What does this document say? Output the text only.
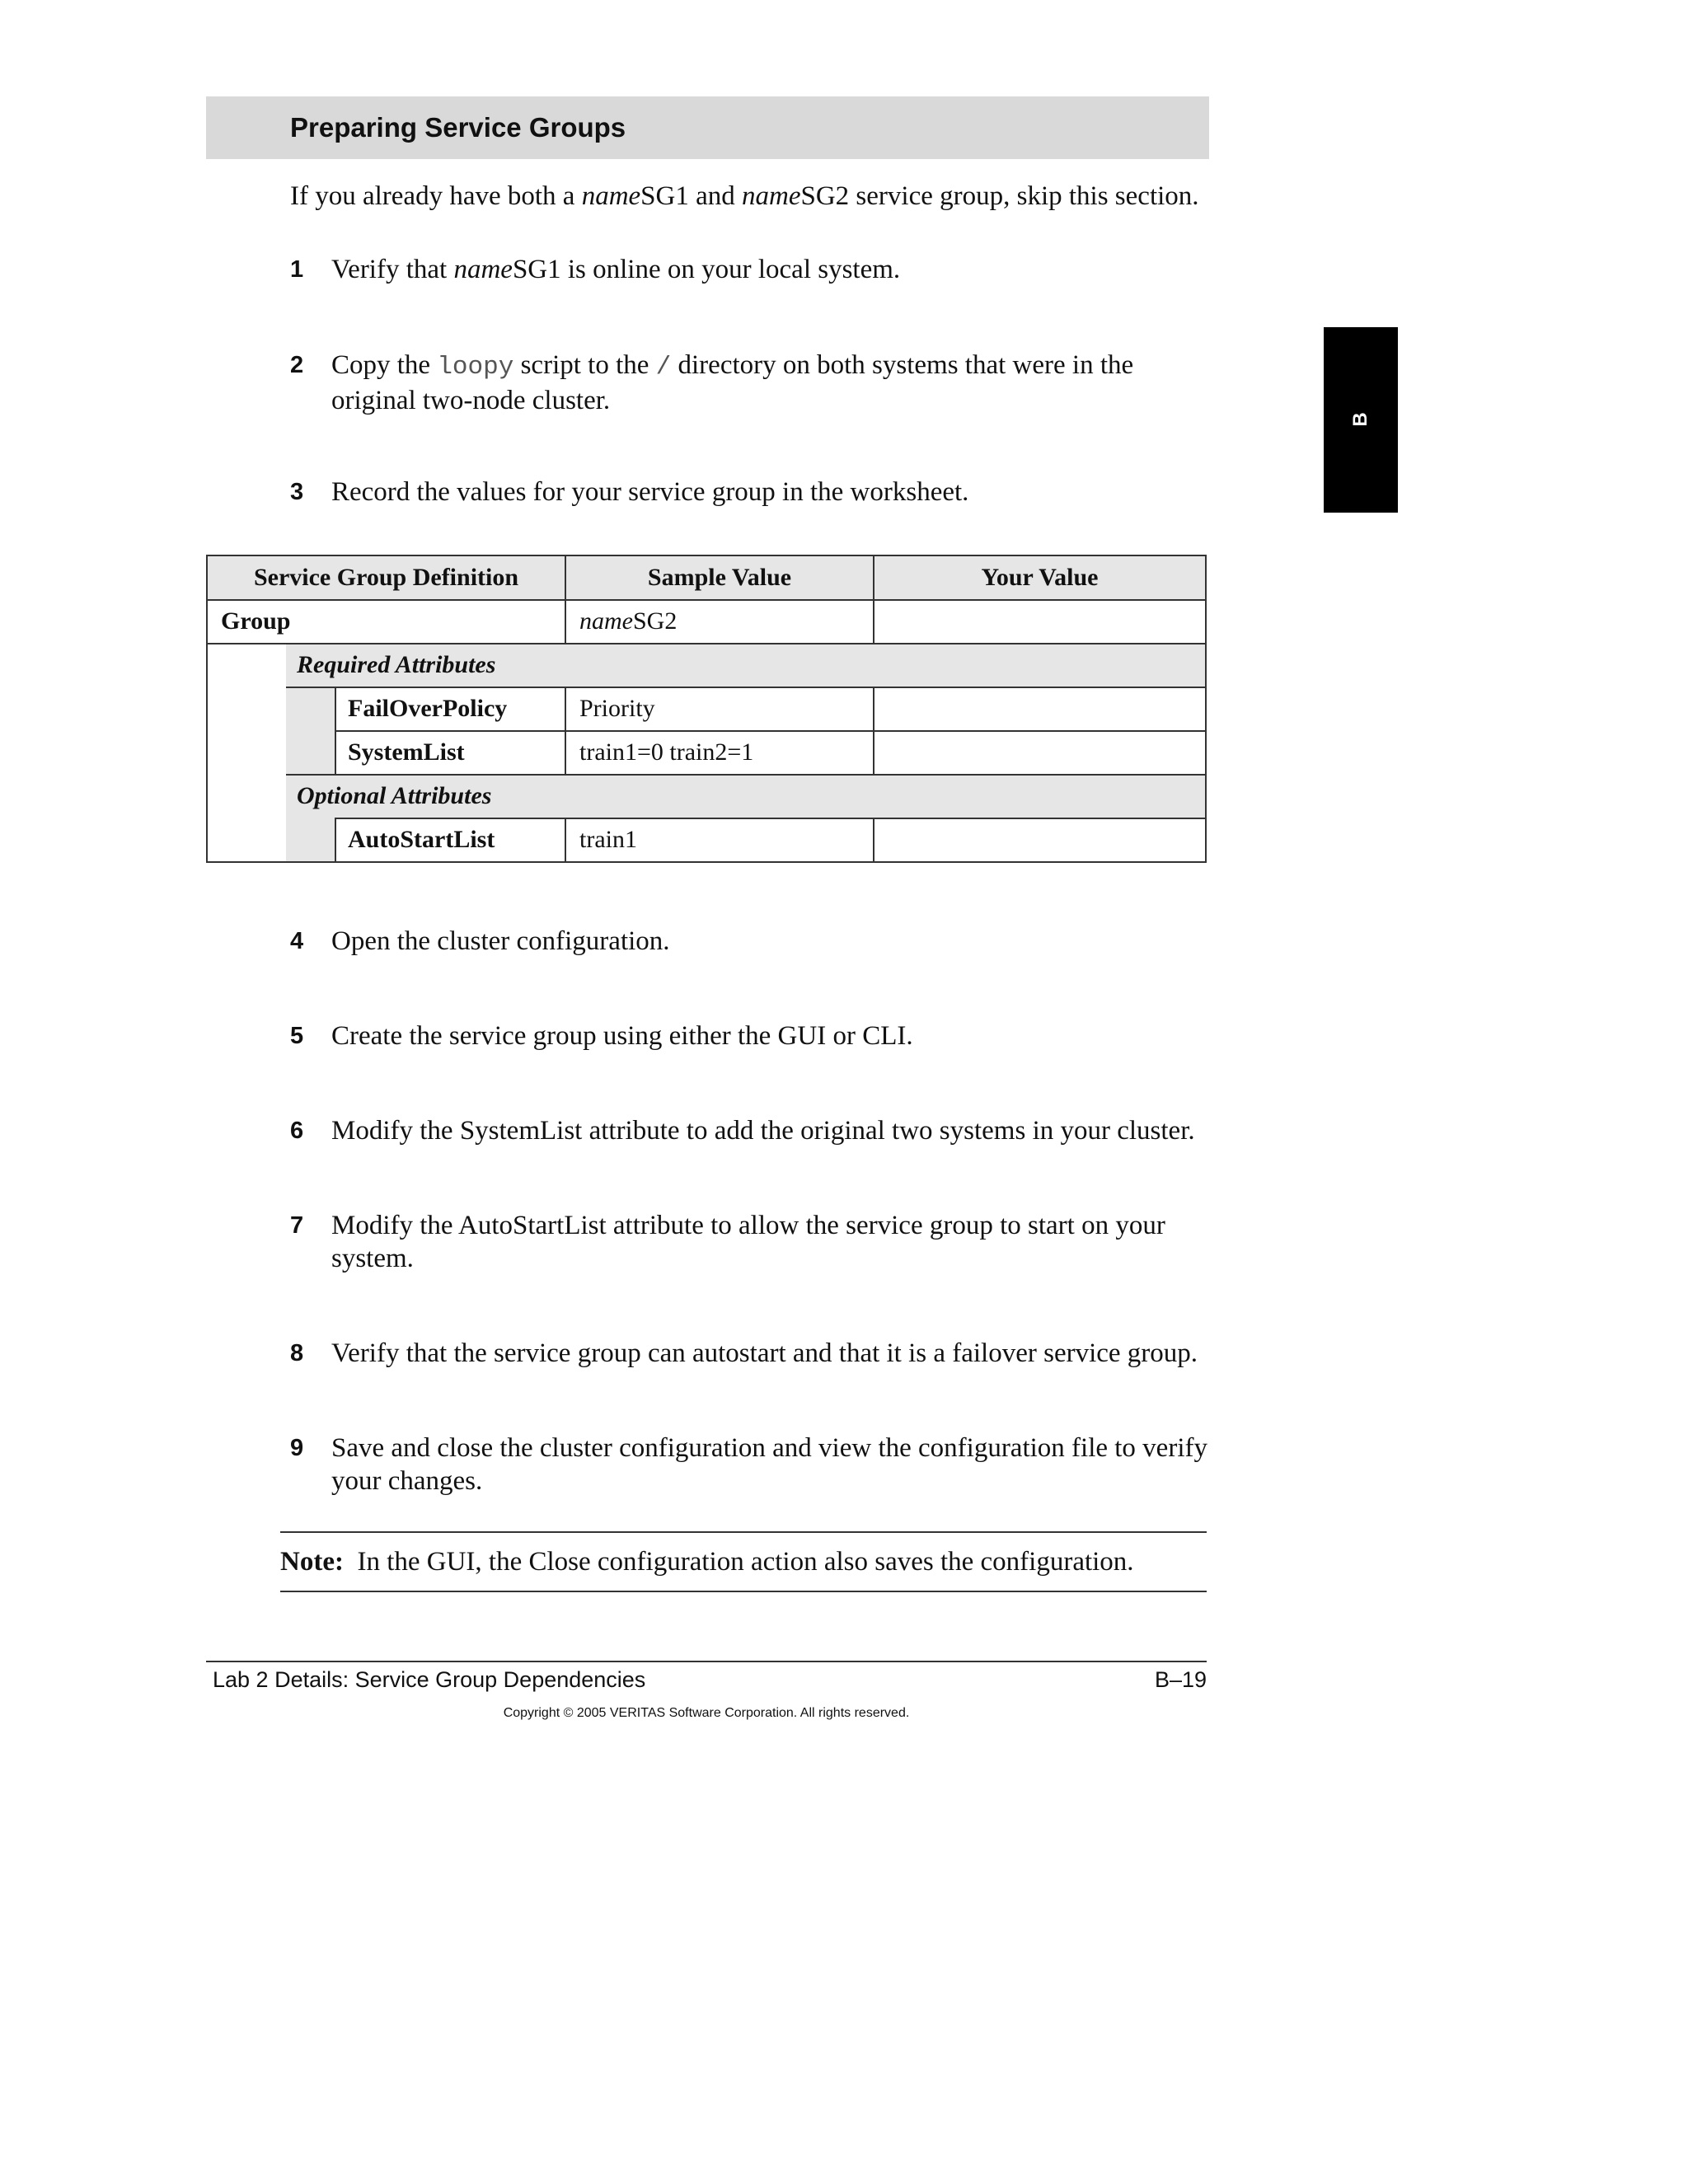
Preparing Service Groups
B
If you already have both a nameSG1 and nameSG2 service group, skip this section.
1 Verify that nameSG1 is online on your local system.
2 Copy the loopy script to the / directory on both systems that were in the original two-node cluster.
3 Record the values for your service group in the worksheet.
Service Group Definition	Sample Value	Your Value
Group	nameSG2
Required Attributes
FailOverPolicy	Priority
SystemList	train1=0 train2=1
Optional Attributes
AutoStartList	train1
4 Open the cluster configuration.
5 Create the service group using either the GUI or CLI.
6 Modify the SystemList attribute to add the original two systems in your cluster.
7 Modify the AutoStartList attribute to allow the service group to start on your system.
8 Verify that the service group can autostart and that it is a failover service group.
9 Save and close the cluster configuration and view the configuration file to verify your changes.
Note: In the GUI, the Close configuration action also saves the configuration.
Lab 2 Details: Service Group Dependencies	B–19
Copyright © 2005 VERITAS Software Corporation. All rights reserved.
